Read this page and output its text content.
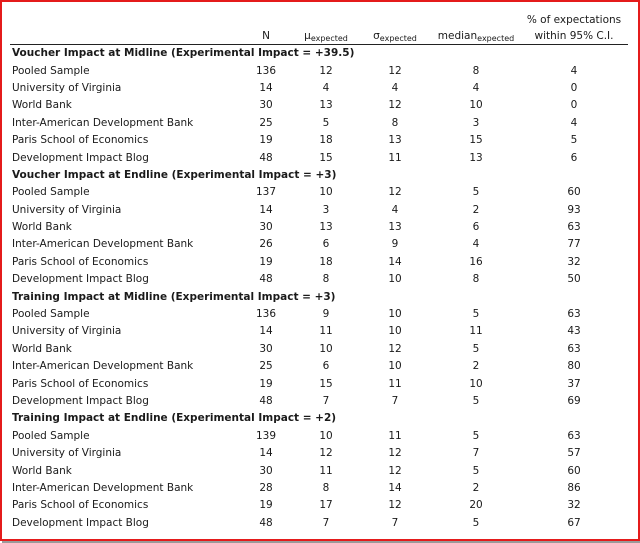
	N	μexpected	σexpected	medianexpected	% of expectations
within 95% C.I.
Voucher Impact at Midline (Experimental Impact = +39.5)					
Pooled Sample	136	12	12	8	4
University of Virginia	14	4	4	4	0
World Bank	30	13	12	10	0
Inter-American Development Bank	25	5	8	3	4
Paris School of Economics	19	18	13	15	5
Development Impact Blog	48	15	11	13	6
Voucher Impact at Endline (Experimental Impact = +3)					
Pooled Sample	137	10	12	5	60
University of Virginia	14	3	4	2	93
World Bank	30	13	13	6	63
Inter-American Development Bank	26	6	9	4	77
Paris School of Economics	19	18	14	16	32
Development Impact Blog	48	8	10	8	50
Training Impact at Midline (Experimental Impact = +3)					
Pooled Sample	136	9	10	5	63
University of Virginia	14	11	10	11	43
World Bank	30	10	12	5	63
Inter-American Development Bank	25	6	10	2	80
Paris School of Economics	19	15	11	10	37
Development Impact Blog	48	7	7	5	69
Training Impact at Endline (Experimental Impact = +2)					
Pooled Sample	139	10	11	5	63
University of Virginia	14	12	12	7	57
World Bank	30	11	12	5	60
Inter-American Development Bank	28	8	14	2	86
Paris School of Economics	19	17	12	20	32
Development Impact Blog	48	7	7	5	67
